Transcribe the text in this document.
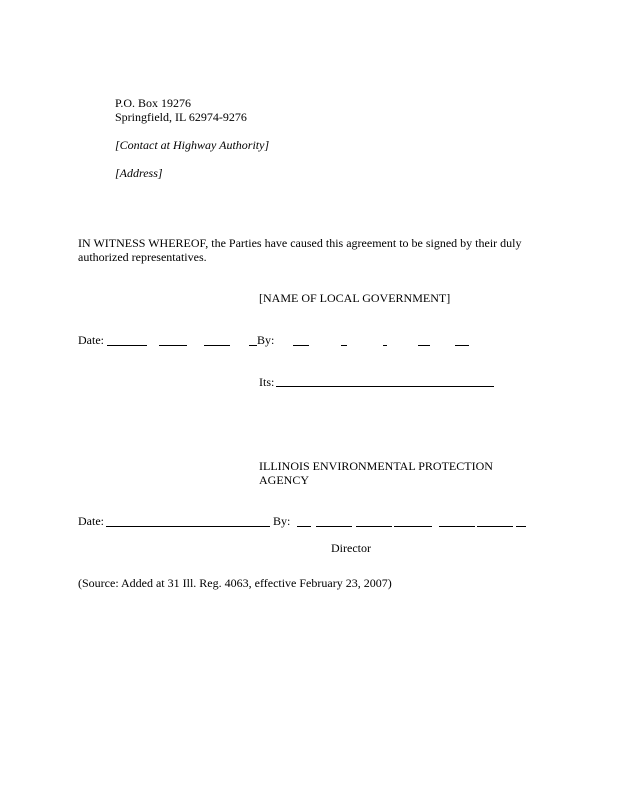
P.O. Box 19276
Springfield, IL 62974-9276
[Contact at Highway Authority]
[Address]
IN WITNESS WHEREOF, the Parties have caused this agreement to be signed by their duly
authorized representatives.
[NAME OF LOCAL GOVERNMENT]
Date:	By:
Its:
ILLINOIS ENVIRONMENTAL PROTECTION
AGENCY
Date:	By:
Director
(Source: Added at 31 Ill. Reg. 4063, effective February 23, 2007)
